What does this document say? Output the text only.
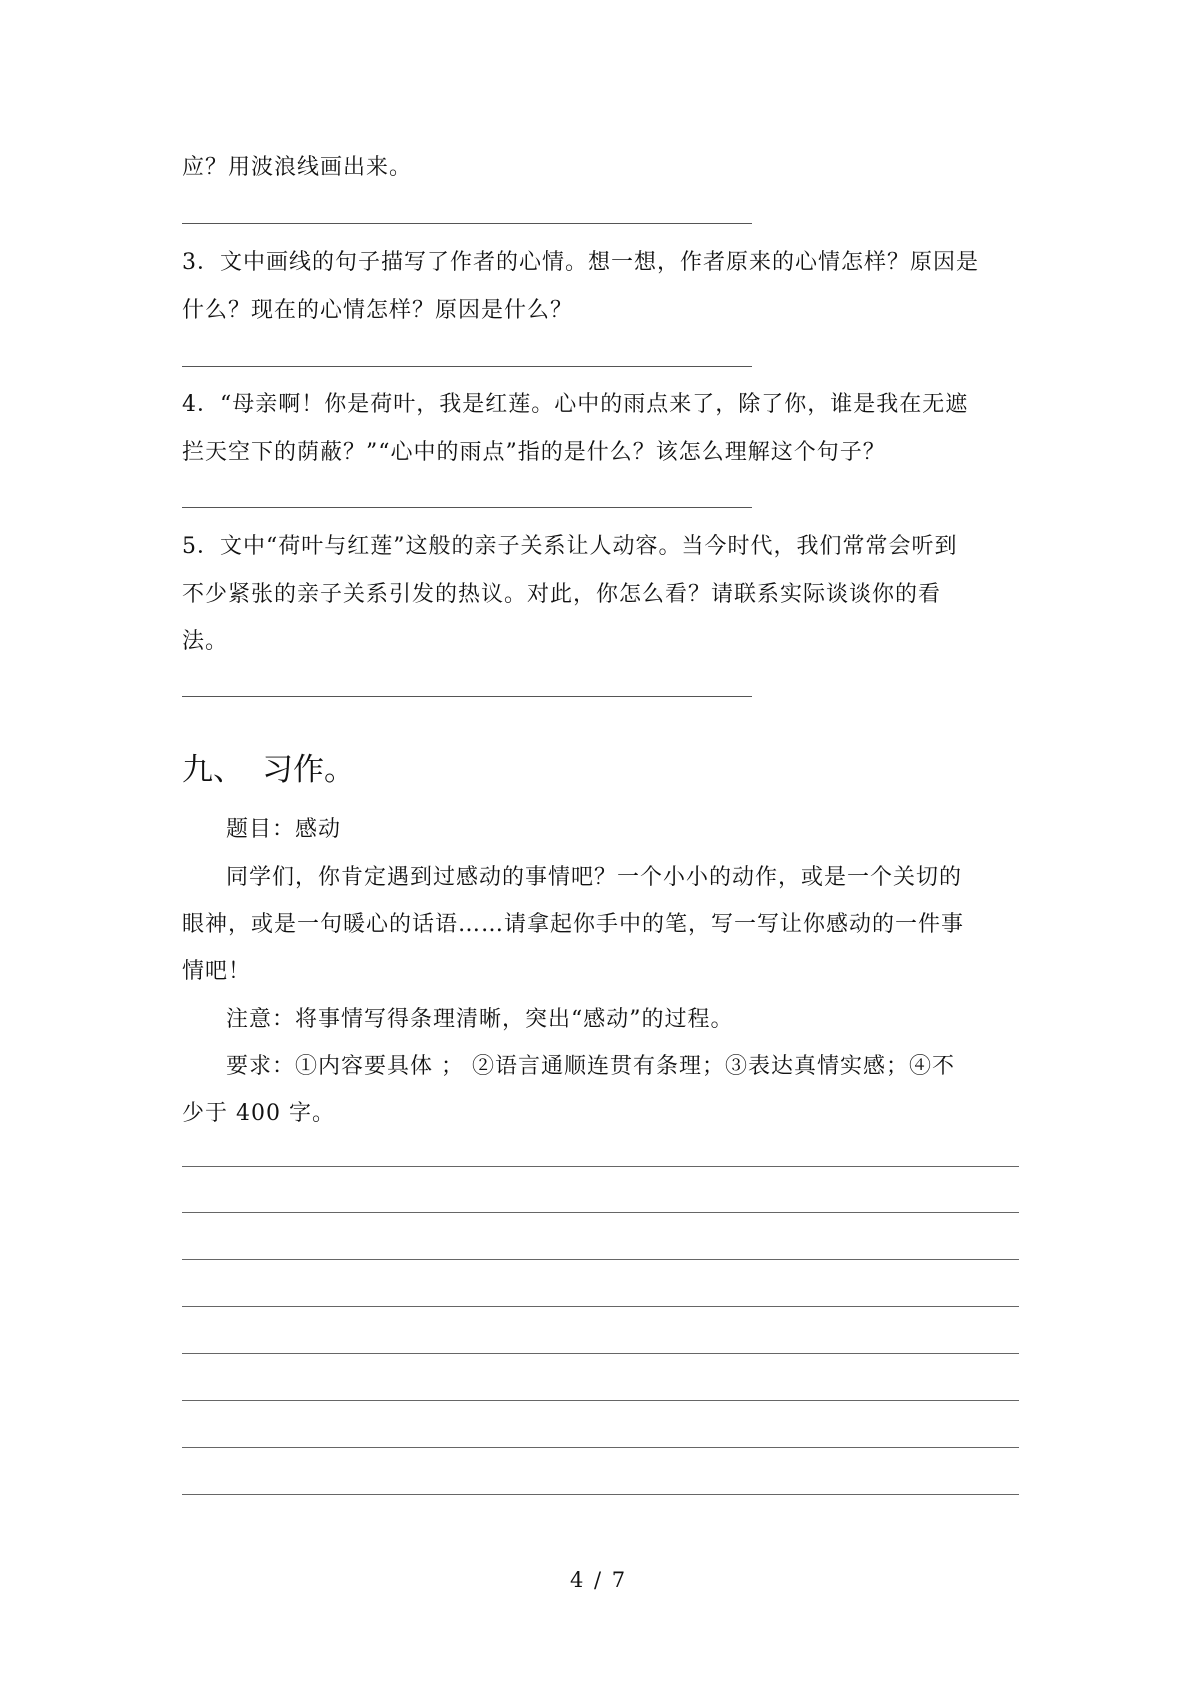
应？用波浪线画出来。
3．文中画线的句子描写了作者的心情。想一想，作者原来的心情怎样？原因是
什么？现在的心情怎样？原因是什么？
4．“母亲啊！你是荷叶，我是红莲。心中的雨点来了，除了你，谁是我在无遮
拦天空下的荫蔽？”“心中的雨点”指的是什么？该怎么理解这个句子？
5．文中“荷叶与红莲”这般的亲子关系让人动容。当今时代，我们常常会听到
不少紧张的亲子关系引发的热议。对此，你怎么看？请联系实际谈谈你的看
法。
九、 习作。
题目：感动
同学们，你肯定遇到过感动的事情吧？一个小小的动作，或是一个关切的
眼神，或是一句暖心的话语……请拿起你手中的笔，写一写让你感动的一件事
情吧！
注意：将事情写得条理清晰，突出“感动”的过程。
要求：①内容要具体 ； ②语言通顺连贯有条理；③表达真情实感；④不
少于 400 字。
4 / 7
